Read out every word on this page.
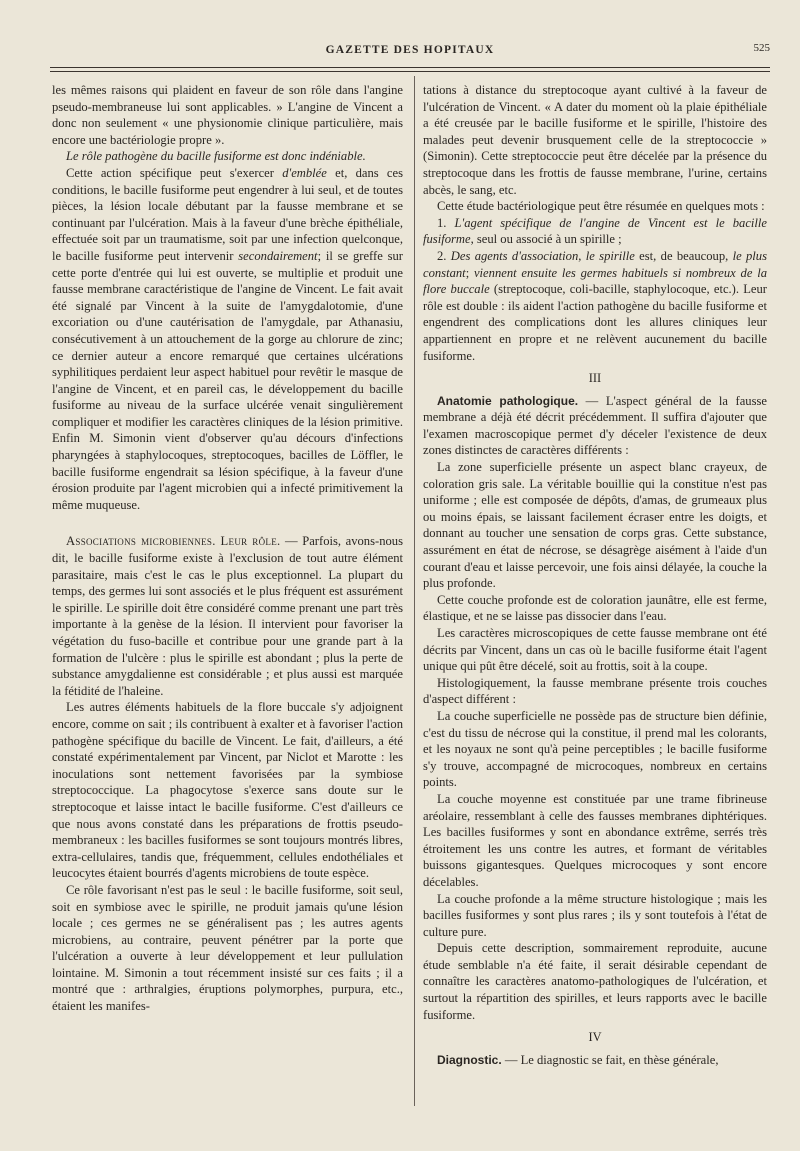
GAZETTE DES HOPITAUX	525

les mêmes raisons qui plaident en faveur de son rôle dans l'angine pseudo-membraneuse lui sont applicables. » L'angine de Vincent a donc non seulement « une physionomie clinique particulière, mais encore une bactériologie propre ».

Le rôle pathogène du bacille fusiforme est donc indéniable.

Cette action spécifique peut s'exercer d'emblée et, dans ces conditions, le bacille fusiforme peut engendrer à lui seul, et de toutes pièces, la lésion locale débutant par la fausse membrane et se continuant par l'ulcération. Mais à la faveur d'une brèche épithéliale, effectuée soit par un traumatisme, soit par une infection quelconque, le bacille fusiforme peut intervenir secondairement; il se greffe sur cette porte d'entrée qui lui est ouverte, se multiplie et produit une fausse membrane caractéristique de l'angine de Vincent. Le fait avait été signalé par Vincent à la suite de l'amygdalotomie, d'une excoriation ou d'une cautérisation de l'amygdale, par Athanasiu, consécutivement à un attouchement de la gorge au chlorure de zinc; ce dernier auteur a encore remarqué que certaines ulcérations syphilitiques perdaient leur aspect habituel pour revêtir le masque de l'angine de Vincent, et en pareil cas, le développement du bacille fusiforme au niveau de la surface ulcérée venait singulièrement compliquer et modifier les caractères cliniques de la lésion primitive. Enfin M. Simonin vient d'observer qu'au décours d'infections pharyngées à staphylocoques, streptocoques, bacilles de Löffler, le bacille fusiforme engendrait sa lésion spécifique, à la faveur d'une érosion produite par l'agent microbien qui a infecté primitivement la même muqueuse.

Associations microbiennes. Leur rôle. — Parfois, avons-nous dit, le bacille fusiforme existe à l'exclusion de tout autre élément parasitaire, mais c'est le cas le plus exceptionnel. La plupart du temps, des germes lui sont associés et le plus fréquent est assurément le spirille. Le spirille doit être considéré comme prenant une part très importante à la genèse de la lésion. Il intervient pour favoriser la végétation du fuso-bacille et contribue pour une grande part à la formation de l'ulcère : plus le spirille est abondant ; plus la perte de substance amygdalienne est considérable ; et plus aussi est marquée la fétidité de l'haleine.

Les autres éléments habituels de la flore buccale s'y adjoignent encore, comme on sait ; ils contribuent à exalter et à favoriser l'action pathogène spécifique du bacille de Vincent. Le fait, d'ailleurs, a été constaté expérimentalement par Vincent, par Niclot et Marotte : les inoculations sont nettement favorisées par la symbiose streptococcique. La phagocytose s'exerce sans doute sur le streptocoque et laisse intact le bacille fusiforme. C'est d'ailleurs ce que nous avons constaté dans les préparations de frottis pseudo-membraneux : les bacilles fusiformes se sont toujours montrés libres, extra-cellulaires, tandis que, fréquemment, cellules endothéliales et leucocytes étaient bourrés d'agents microbiens de toute espèce.

Ce rôle favorisant n'est pas le seul : le bacille fusiforme, soit seul, soit en symbiose avec le spirille, ne produit jamais qu'une lésion locale ; ces germes ne se généralisent pas ; les autres agents microbiens, au contraire, peuvent pénétrer par la porte que l'ulcération a ouverte à leur développement et leur pullulation lointaine. M. Simonin a tout récemment insisté sur ces faits ; il a montré que : arthralgies, éruptions polymorphes, purpura, etc., étaient les manifes-

tations à distance du streptocoque ayant cultivé à la faveur de l'ulcération de Vincent. « A dater du moment où la plaie épithéliale a été creusée par le bacille fusiforme et le spirille, l'histoire des malades peut devenir brusquement celle de la streptococcie » (Simonin). Cette streptococcie peut être décelée par la présence du streptocoque dans les frottis de fausse membrane, l'urine, certains abcès, le sang, etc.

Cette étude bactériologique peut être résumée en quelques mots :

1. L'agent spécifique de l'angine de Vincent est le bacille fusiforme, seul ou associé à un spirille ;

2. Des agents d'association, le spirille est, de beaucoup, le plus constant; viennent ensuite les germes habituels si nombreux de la flore buccale (streptocoque, coli-bacille, staphylocoque, etc.). Leur rôle est double : ils aident l'action pathogène du bacille fusiforme et engendrent des complications dont les allures cliniques leur appartiennent en propre et ne relèvent aucunement du bacille fusiforme.

III

Anatomie pathologique. — L'aspect général de la fausse membrane a déjà été décrit précédemment. Il suffira d'ajouter que l'examen macroscopique permet d'y déceler l'existence de deux zones distinctes de caractères différents :

La zone superficielle présente un aspect blanc crayeux, de coloration gris sale. La véritable bouillie qui la constitue n'est pas uniforme ; elle est composée de dépôts, d'amas, de grumeaux plus ou moins épais, se laissant facilement écraser entre les doigts, et donnant au toucher une sensation de corps gras. Cette substance, assurément en état de nécrose, se désagrège aisément à l'aide d'un courant d'eau et laisse percevoir, une fois ainsi délayée, la couche la plus profonde.

Cette couche profonde est de coloration jaunâtre, elle est ferme, élastique, et ne se laisse pas dissocier dans l'eau.

Les caractères microscopiques de cette fausse membrane ont été décrits par Vincent, dans un cas où le bacille fusiforme était l'agent unique qui pût être décelé, soit au frottis, soit à la coupe.

Histologiquement, la fausse membrane présente trois couches d'aspect différent :

La couche superficielle ne possède pas de structure bien définie, c'est du tissu de nécrose qui la constitue, il prend mal les colorants, et les noyaux ne sont qu'à peine perceptibles ; le bacille fusiforme s'y trouve, accompagné de microcoques, nombreux en certains points.

La couche moyenne est constituée par une trame fibrineuse aréolaire, ressemblant à celle des fausses membranes diphtériques. Les bacilles fusiformes y sont en abondance extrême, serrés très étroitement les uns contre les autres, et formant de véritables buissons gigantesques. Quelques microcoques y sont encore décelables.

La couche profonde a la même structure histologique ; mais les bacilles fusiformes y sont plus rares ; ils y sont toutefois à l'état de culture pure.

Depuis cette description, sommairement reproduite, aucune étude semblable n'a été faite, il serait désirable cependant de connaître les caractères anatomo-pathologiques de l'ulcération, et surtout la répartition des spirilles, et leurs rapports avec le bacille fusiforme.

IV

Diagnostic. — Le diagnostic se fait, en thèse générale,
